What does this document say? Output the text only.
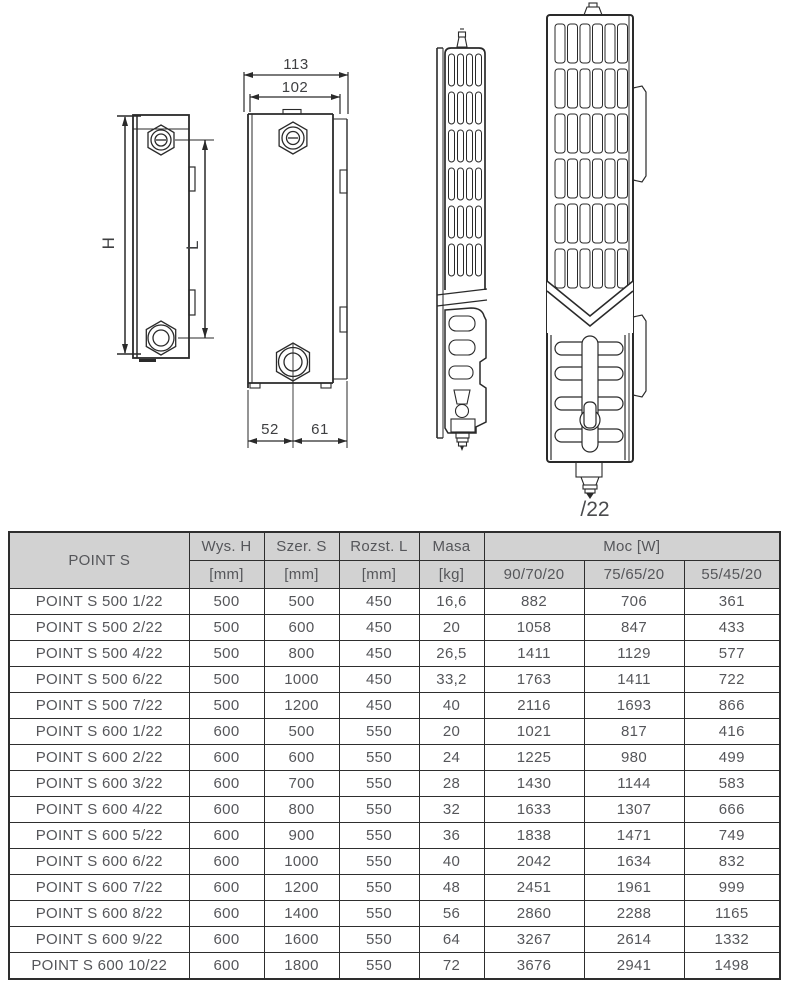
H	L
113
102
52 61
/22
POINT S	Wys. H	Szer. S	Rozst. L	Masa	Moc [W]		
	[mm]	[mm]	[mm]	[kg]	90/70/20	75/65/20	55/45/20
POINT S 500 1/22	500	500	450	16,6	882	706	361
POINT S 500 2/22	500	600	450	20	1058	847	433
POINT S 500 4/22	500	800	450	26,5	1411	1129	577
POINT S 500 6/22	500	1000	450	33,2	1763	1411	722
POINT S 500 7/22	500	1200	450	40	2116	1693	866
POINT S 600 1/22	600	500	550	20	1021	817	416
POINT S 600 2/22	600	600	550	24	1225	980	499
POINT S 600 3/22	600	700	550	28	1430	1144	583
POINT S 600 4/22	600	800	550	32	1633	1307	666
POINT S 600 5/22	600	900	550	36	1838	1471	749
POINT S 600 6/22	600	1000	550	40	2042	1634	832
POINT S 600 7/22	600	1200	550	48	2451	1961	999
POINT S 600 8/22	600	1400	550	56	2860	2288	1165
POINT S 600 9/22	600	1600	550	64	3267	2614	1332
POINT S 600 10/22	600	1800	550	72	3676	2941	1498
